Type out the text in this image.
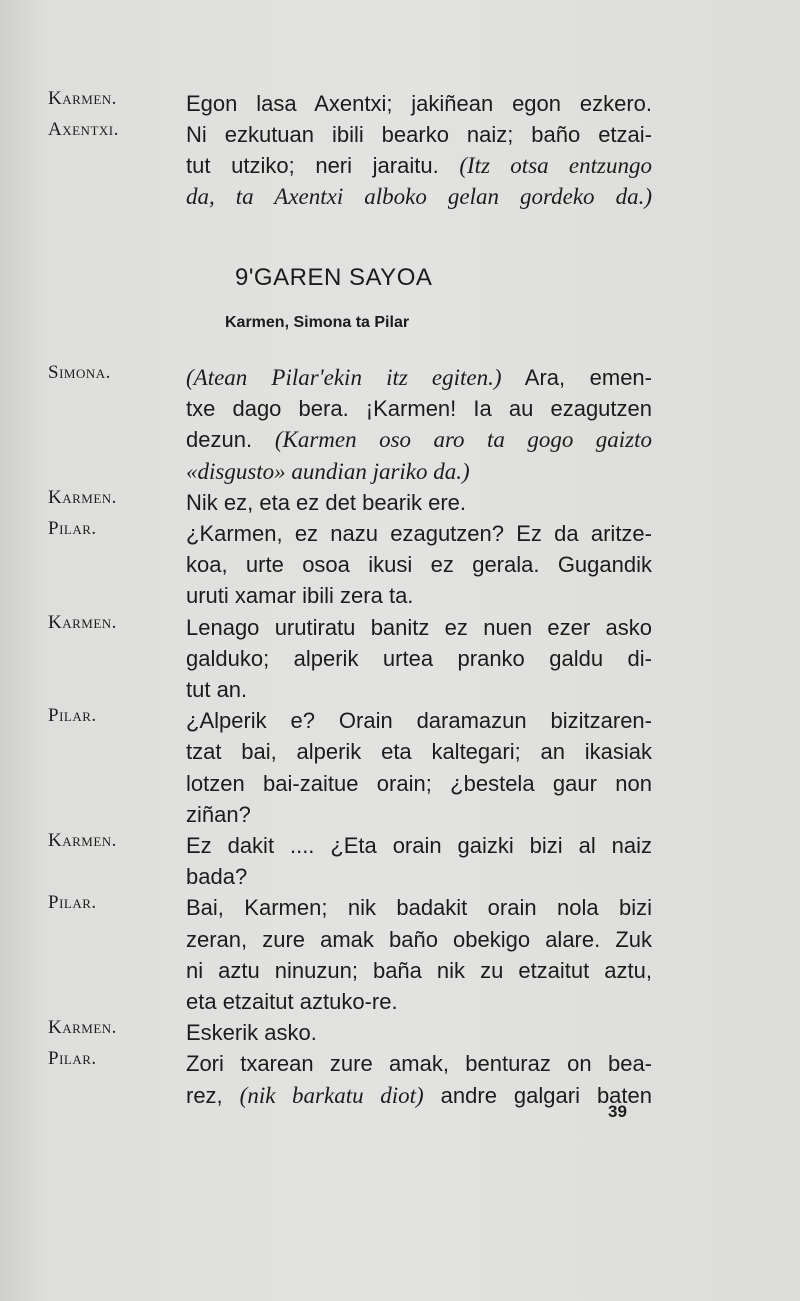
Karmen.	Egon lasa Axentxi; jakiñean egon ezkero.
Axentxi.	Ni ezkutuan ibili bearko naiz; baño etzai-
tut utziko; neri jaraitu. (Itz otsa entzungo
da, ta Axentxi alboko gelan gordeko da.)
9'GAREN SAYOA
Karmen, Simona ta Pilar
Simona.	(Atean Pilar'ekin itz egiten.) Ara, emen-
txe dago bera. ¡Karmen! Ia au ezagutzen
dezun. (Karmen oso aro ta gogo gaizto
«disgusto» aundian jariko da.)
Karmen.	Nik ez, eta ez det bearik ere.
Pilar.	¿Karmen, ez nazu ezagutzen? Ez da aritze-
koa, urte osoa ikusi ez gerala. Gugandik
uruti xamar ibili zera ta.
Karmen.	Lenago urutiratu banitz ez nuen ezer asko
galduko; alperik urtea pranko galdu di-
tut an.
Pilar.	¿Alperik e? Orain daramazun bizitzaren-
tzat bai, alperik eta kaltegari; an ikasiak
lotzen bai-zaitue orain; ¿bestela gaur non
ziñan?
Karmen.	Ez dakit .... ¿Eta orain gaizki bizi al naiz
bada?
Pilar.	Bai, Karmen; nik badakit orain nola bizi
zeran, zure amak baño obekigo alare. Zuk
ni aztu ninuzun; baña nik zu etzaitut aztu,
eta etzaitut aztuko-re.
Karmen.	Eskerik asko.
Pilar.	Zori txarean zure amak, benturaz on bea-
rez, (nik barkatu diot) andre galgari baten
39
